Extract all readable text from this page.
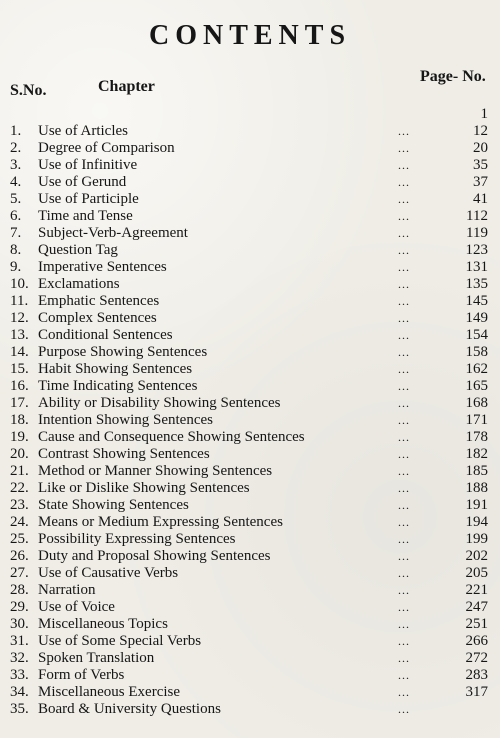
CONTENTS
S.No.	Chapter
Page- No.
1
1.	Use of Articles	...	12
2.	Degree of Comparison	...	20
3.	Use of Infinitive	...	35
4.	Use of Gerund	...	37
5.	Use of Participle	...	41
6.	Time and Tense	...	112
7.	Subject-Verb-Agreement	...	119
8.	Question Tag	...	123
9.	Imperative Sentences	...	131
10. Exclamations	...	135
11. Emphatic Sentences	...	145
12. Complex Sentences	...	149
13. Conditional Sentences	...	154
14. Purpose Showing Sentences	...	158
15. Habit Showing Sentences	...	162
16. Time Indicating Sentences	...	165
17. Ability or Disability Showing Sentences	...	168
18. Intention Showing Sentences	...	171
19. Cause and Consequence Showing Sentences	...	178
20. Contrast Showing Sentences	...	182
21. Method or Manner Showing Sentences	...	185
22. Like or Dislike Showing Sentences	...	188
23. State Showing Sentences	...	191
24. Means or Medium Expressing Sentences	...	194
25. Possibility Expressing Sentences	...	199
26. Duty and Proposal Showing Sentences	...	202
27. Use of Causative Verbs	...	205
28. Narration	...	221
29. Use of Voice	...	247
30. Miscellaneous Topics	...	251
31. Use of Some Special Verbs	...	266
32. Spoken Translation	...	272
33. Form of Verbs	...	283
34. Miscellaneous Exercise	...	317
35. Board & University Questions	...
